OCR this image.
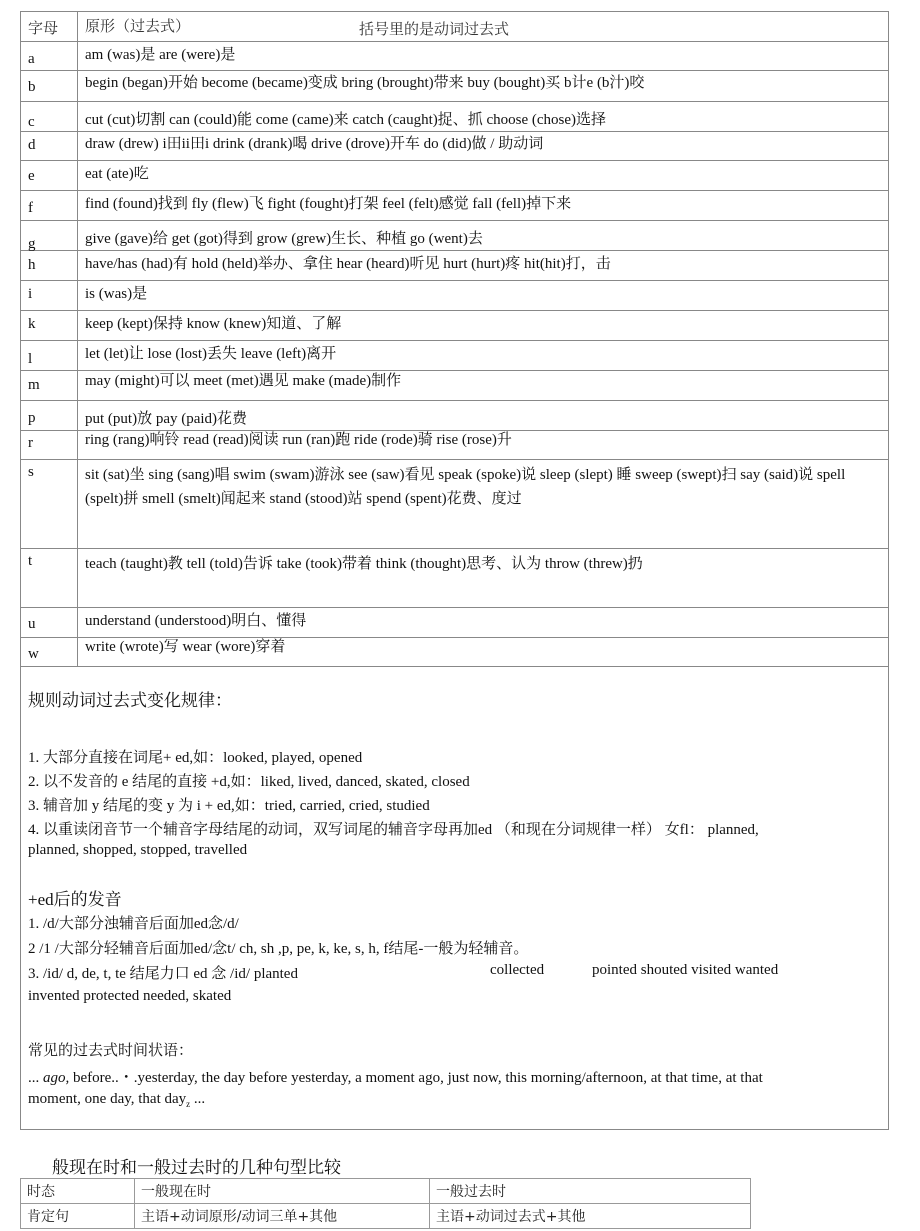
字母 原形（过去式）	括号里的是动词过去式
a	am (was)是 are (were)是
b	begin (began)开始 become (became)变成 bring (brought)带来 buy (bought)买 b计e (b汁)咬
c	cut (cut)切割 can (could)能 come (came)来 catch (caught)捉、抓 choose (chose)选择
d	draw (drew) i田ii田i drink (drank)喝 drive (drove)开车 do (did)做 / 助动词
e	eat (ate)吃
f	find (found)找到 fly (flew)飞 fight (fought)打架 feel (felt)感觉 fall (fell)掉下来
g	give (gave)给 get (got)得到 grow (grew)生长、种植 go (went)去
h	have/has (had)有 hold (held)举办、拿住 hear (heard)听见 hurt (hurt)疼 hit(hit)打，击
i	is (was)是
k	keep (kept)保持 know (knew)知道、了解
l	let (let)让 lose (lost)丢失 leave (left)离开
m	may (might)可以 meet (met)遇见 make (made)制作
p	put (put)放 pay (paid)花费
r	ring (rang)响铃 read (read)阅读 run (ran)跑 ride (rode)骑 rise (rose)升
s	sit (sat)坐 sing (sang)唱 swim (swam)游泳 see (saw)看见 speak (spoke)说 sleep (slept) 睡 sweep (swept)扫 say (said)说 spell (spelt)拼 smell (smelt)闻起来 stand (stood)站 spend (spent)花费、度过
t	teach (taught)教 tell (told)告诉 take (took)带着 think (thought)思考、认为 throw (threw)扔
u	understand (understood)明白、懂得
w	write (wrote)写 wear (wore)穿着
规则动词过去式变化规律：
1. 大部分直接在词尾+ ed,如：looked, played, opened
2. 以不发音的 e 结尾的直接 +d,如：liked, lived, danced, skated, closed
3. 辅音加 y 结尾的变 y 为 i + ed,如：tried, carried, cried, studied
4. 以重读闭音节一个辅音字母结尾的动词，双写词尾的辅音字母再加ed （和现在分词规律一样） 女fl： planned,
planned, shopped, stopped, travelled
+ed后的发音
1. /d/大部分浊辅音后面加ed念/d/
2 /1 /大部分轻辅音后面加ed/念t/ ch, sh ,p, pe, k, ke, s, h, f结尾-一般为轻辅音。
3. /id/ d, de, t, te 结尾力口 ed 念 /id/ planted	collected	pointed shouted visited wanted
invented protected needed, skated
常见的过去式时间状语：
... ago, before..・.yesterday, the day before yesterday, a moment ago, just now, this morning/afternoon, at that time, at that
moment, one day, that day$_z$ ...
般现在时和一般过去时的几种句型比较
时态	一般现在时	一般过去时
肯定句	主语+动词原形/动词三单+其他	主语+动词过去式+其他
